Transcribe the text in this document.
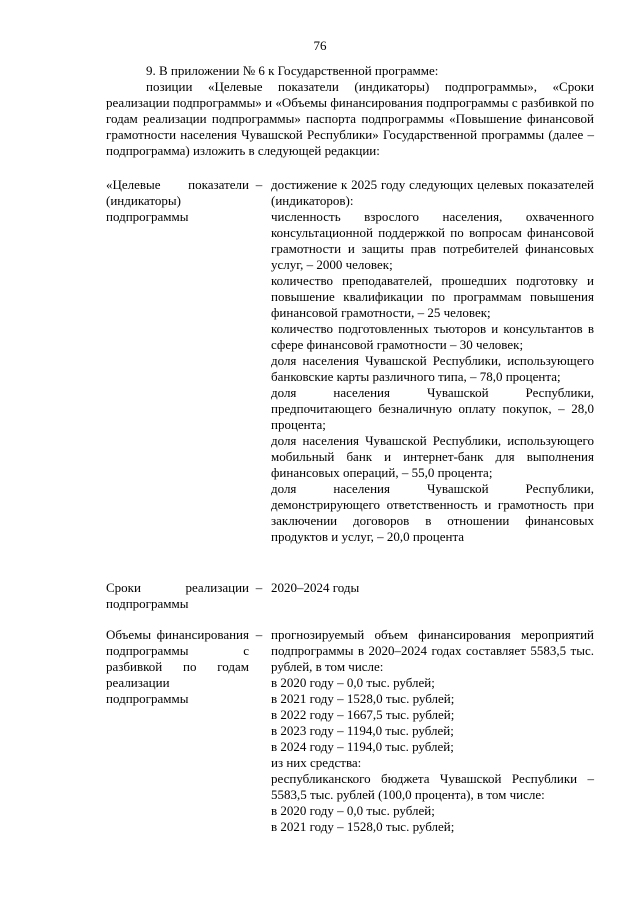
76
9. В приложении № 6 к Государственной программе:
позиции «Целевые показатели (индикаторы) подпрограммы», «Сроки реализации подпрограммы» и «Объемы финансирования подпрограммы с разбивкой по годам реализации подпрограммы» паспорта подпрограммы «Повышение финансовой грамотности населения Чувашской Республики» Государственной программы (далее – подпрограмма) изложить в следующей редакции:
«Целевые показатели (индикаторы) подпрограммы
– достижение к 2025 году следующих целевых показателей (индикаторов):
численность взрослого населения, охваченного консультационной поддержкой по вопросам финансовой грамотности и защиты прав потребителей финансовых услуг, – 2000 человек;
количество преподавателей, прошедших подготовку и повышение квалификации по программам повышения финансовой грамотности, – 25 человек;
количество подготовленных тьюторов и консультантов в сфере финансовой грамотности – 30 человек;
доля населения Чувашской Республики, использующего банковские карты различного типа, – 78,0 процента;
доля населения Чувашской Республики, предпочитающего безналичную оплату покупок, – 28,0 процента;
доля населения Чувашской Республики, использующего мобильный банк и интернет-банк для выполнения финансовых операций, – 55,0 процента;
доля населения Чувашской Республики, демонстрирующего ответственность и грамотность при заключении договоров в отношении финансовых продуктов и услуг, – 20,0 процента
Сроки реализации подпрограммы
– 2020–2024 годы
Объемы финансирования подпрограммы с разбивкой по годам реализации подпрограммы
– прогнозируемый объем финансирования мероприятий подпрограммы в 2020–2024 годах составляет 5583,5 тыс. рублей, в том числе:
в 2020 году – 0,0 тыс. рублей;
в 2021 году – 1528,0 тыс. рублей;
в 2022 году – 1667,5 тыс. рублей;
в 2023 году – 1194,0 тыс. рублей;
в 2024 году – 1194,0 тыс. рублей;
из них средства:
республиканского бюджета Чувашской Республики – 5583,5 тыс. рублей (100,0 процента), в том числе:
в 2020 году – 0,0 тыс. рублей;
в 2021 году – 1528,0 тыс. рублей;
